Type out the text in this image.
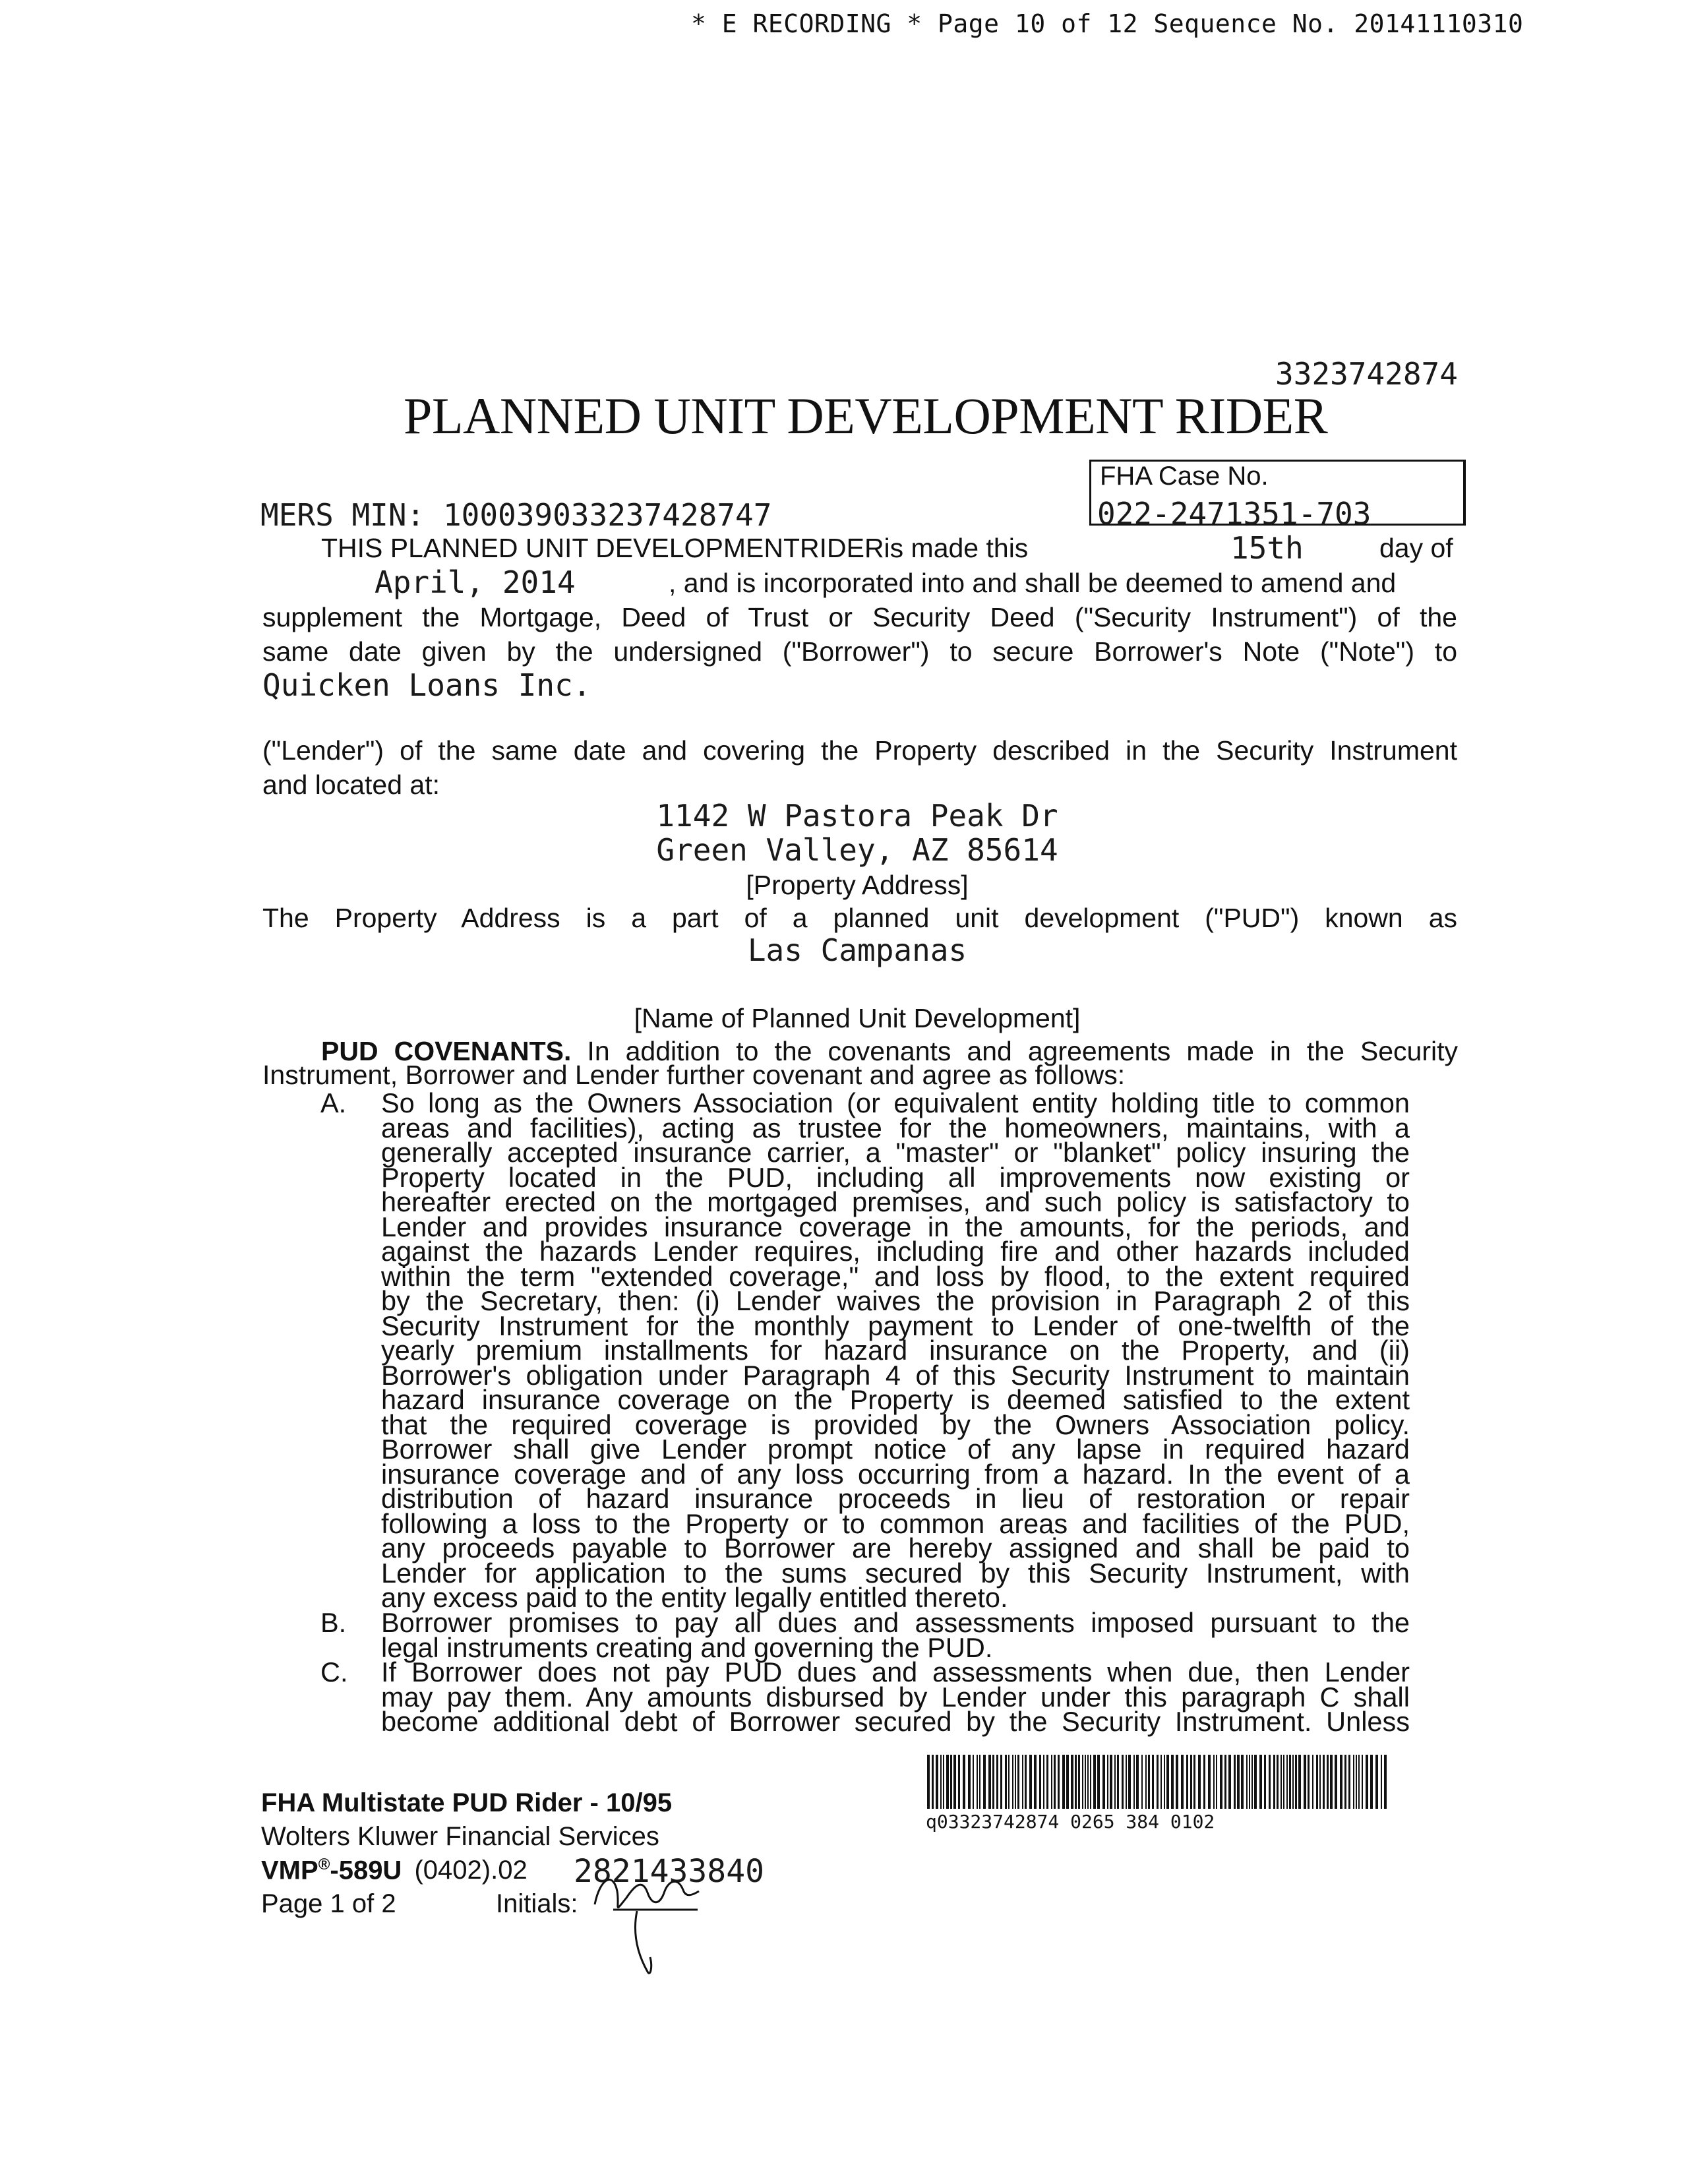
* E RECORDING * Page 10 of 12 Sequence No. 20141110310
3323742874
PLANNED UNIT DEVELOPMENT RIDER
FHA Case No.
022-2471351-703
MERS MIN: 100039033237428747
THIS PLANNED UNIT DEVELOPMENTRIDERis made this	15th	day of
April, 2014	, and is incorporated into and shall be deemed to amend and
supplement the Mortgage, Deed of Trust or Security Deed ("Security Instrument") of the
same date given by the undersigned ("Borrower") to secure Borrower's Note ("Note") to
Quicken Loans Inc.
("Lender") of the same date and covering the Property described in the Security Instrument
and located at:
1142 W Pastora Peak Dr
Green Valley, AZ 85614
[Property Address]
The Property Address is a part of a planned unit development ("PUD") known as
Las Campanas
[Name of Planned Unit Development]
PUD COVENANTS. In addition to the covenants and agreements made in the Security
Instrument, Borrower and Lender further covenant and agree as follows:
A. So long as the Owners Association (or equivalent entity holding title to common
areas and facilities), acting as trustee for the homeowners, maintains, with a
generally accepted insurance carrier, a "master" or "blanket" policy insuring the
Property located in the PUD, including all improvements now existing or
hereafter erected on the mortgaged premises, and such policy is satisfactory to
Lender and provides insurance coverage in the amounts, for the periods, and
against the hazards Lender requires, including fire and other hazards included
within the term "extended coverage," and loss by flood, to the extent required
by the Secretary, then: (i) Lender waives the provision in Paragraph 2 of this
Security Instrument for the monthly payment to Lender of one-twelfth of the
yearly premium installments for hazard insurance on the Property, and (ii)
Borrower's obligation under Paragraph 4 of this Security Instrument to maintain
hazard insurance coverage on the Property is deemed satisfied to the extent
that the required coverage is provided by the Owners Association policy.
Borrower shall give Lender prompt notice of any lapse in required hazard
insurance coverage and of any loss occurring from a hazard. In the event of a
distribution of hazard insurance proceeds in lieu of restoration or repair
following a loss to the Property or to common areas and facilities of the PUD,
any proceeds payable to Borrower are hereby assigned and shall be paid to
Lender for application to the sums secured by this Security Instrument, with
any excess paid to the entity legally entitled thereto.
B. Borrower promises to pay all dues and assessments imposed pursuant to the
legal instruments creating and governing the PUD.
C. If Borrower does not pay PUD dues and assessments when due, then Lender
may pay them. Any amounts disbursed by Lender under this paragraph C shall
become additional debt of Borrower secured by the Security Instrument. Unless
FHA Multistate PUD Rider - 10/95
Wolters Kluwer Financial Services
VMP®-589U (0402).02 2821433840
Page 1 of 2	Initials:
q03323742874 0265 384 0102
